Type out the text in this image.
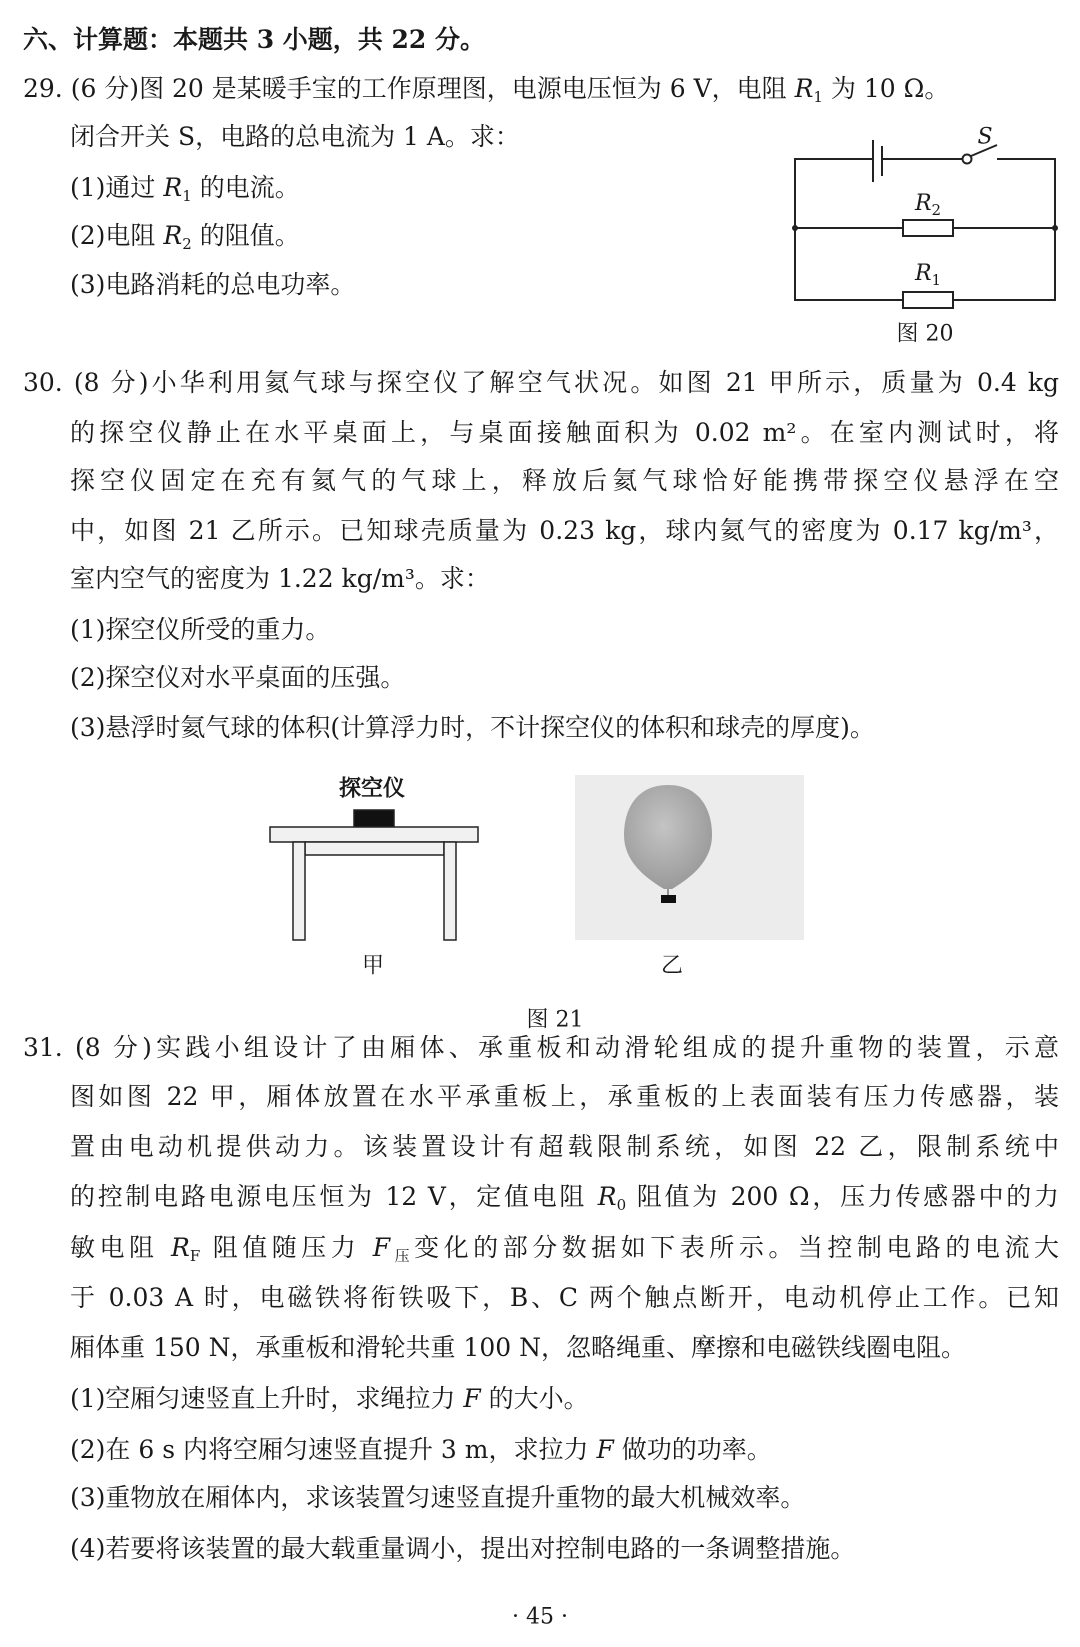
六、计算题：本题共 3 小题，共 22 分。
29. (6 分)图 20 是某暖手宝的工作原理图，电源电压恒为 6 V，电阻 $R_1$ 为 10 Ω。
闭合开关 S，电路的总电流为 1 A。求：
(1)通过 $R_1$ 的电流。
(2)电阻 $R_2$ 的阻值。
(3)电路消耗的总电功率。
30. (8 分)小华利用氦气球与探空仪了解空气状况。如图 21 甲所示，质量为 0.4 kg
的探空仪静止在水平桌面上，与桌面接触面积为 0.02 m²。在室内测试时，将
探空仪固定在充有氦气的气球上，释放后氦气球恰好能携带探空仪悬浮在空
中，如图 21 乙所示。已知球壳质量为 0.23 kg，球内氦气的密度为 0.17 kg/m³，
室内空气的密度为 1.22 kg/m³。求：
(1)探空仪所受的重力。
(2)探空仪对水平桌面的压强。
(3)悬浮时氦气球的体积(计算浮力时，不计探空仪的体积和球壳的厚度)。
31. (8 分)实践小组设计了由厢体、承重板和动滑轮组成的提升重物的装置，示意
图如图 22 甲，厢体放置在水平承重板上，承重板的上表面装有压力传感器，装
置由电动机提供动力。该装置设计有超载限制系统，如图 22 乙，限制系统中
的控制电路电源电压恒为 12 V，定值电阻 $R_0$ 阻值为 200 Ω，压力传感器中的力
敏电阻 $R_F$ 阻值随压力 $F_压$变化的部分数据如下表所示。当控制电路的电流大
于 0.03 A 时，电磁铁将衔铁吸下，B、C 两个触点断开，电动机停止工作。已知
厢体重 150 N，承重板和滑轮共重 100 N，忽略绳重、摩擦和电磁铁线圈电阻。
(1)空厢匀速竖直上升时，求绳拉力 F 的大小。
(2)在 6 s 内将空厢匀速竖直提升 3 m，求拉力 F 做功的功率。
(3)重物放在厢体内，求该装置匀速竖直提升重物的最大机械效率。
(4)若要将该装置的最大载重量调小，提出对控制电路的一条调整措施。
S
$R_2$
$R_1$
图 20
探空仪
甲	乙
图 21
· 45 ·
